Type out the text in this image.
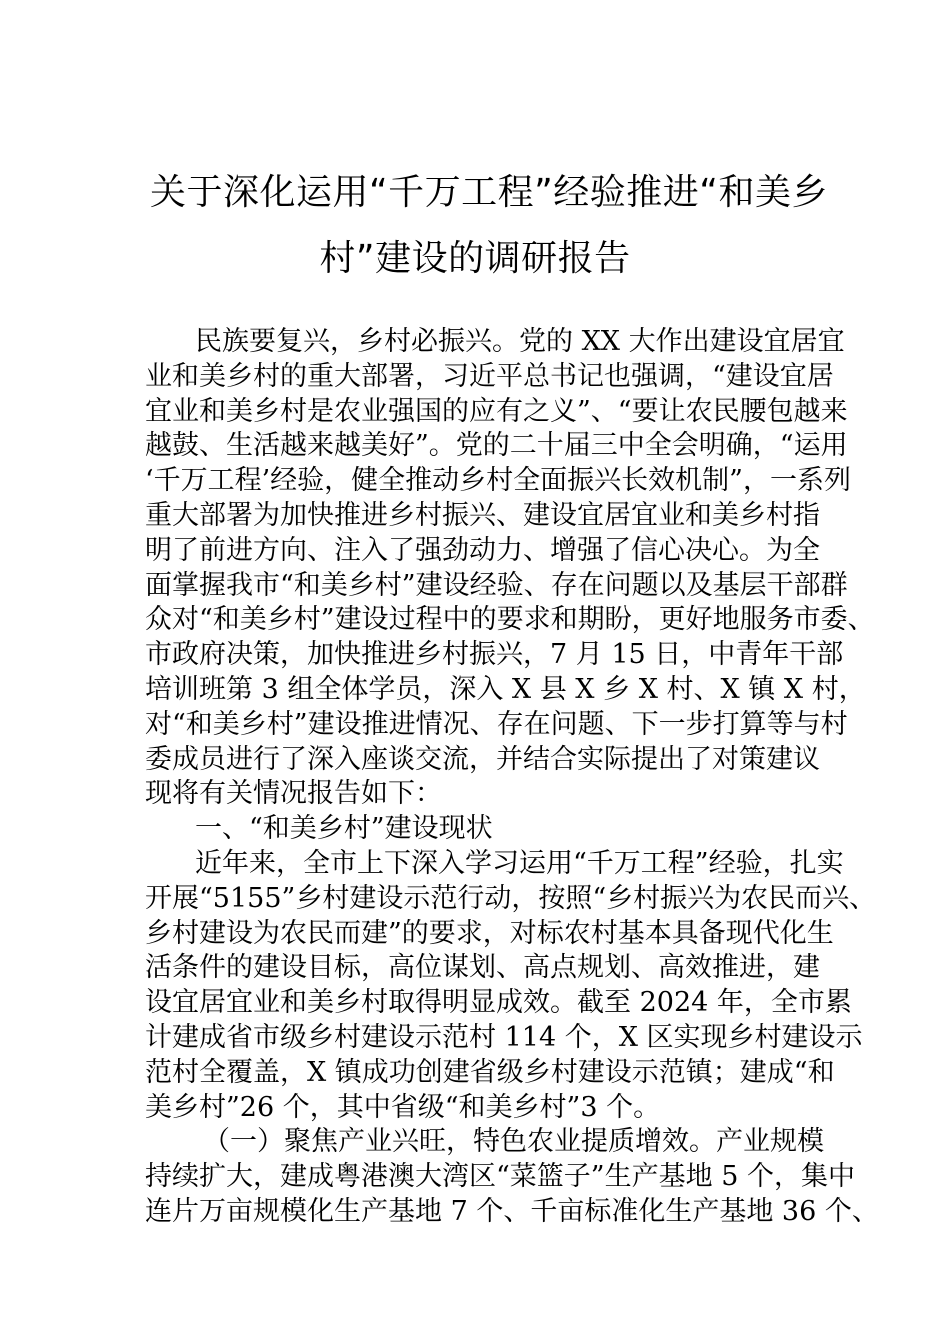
关于深化运用“千万工程”经验推进“和美乡
村”建设的调研报告
民族要复兴，乡村必振兴。党的 XX 大作出建设宜居宜
业和美乡村的重大部署，习近平总书记也强调，“建设宜居
宜业和美乡村是农业强国的应有之义”、“要让农民腰包越来
越鼓、生活越来越美好”。党的二十届三中全会明确，“运用
‘千万工程’经验，健全推动乡村全面振兴长效机制”，一系列
重大部署为加快推进乡村振兴、建设宜居宜业和美乡村指
明了前进方向、注入了强劲动力、增强了信心决心。为全
面掌握我市“和美乡村”建设经验、存在问题以及基层干部群
众对“和美乡村”建设过程中的要求和期盼，更好地服务市委、
市政府决策，加快推进乡村振兴，7 月 15 日，中青年干部
培训班第 3 组全体学员，深入 X 县 X 乡 X 村、X 镇 X 村，
对“和美乡村”建设推进情况、存在问题、下一步打算等与村
委成员进行了深入座谈交流，并结合实际提出了对策建议
现将有关情况报告如下：
一、“和美乡村”建设现状
近年来，全市上下深入学习运用“千万工程”经验，扎实
开展“5155”乡村建设示范行动，按照“乡村振兴为农民而兴、
乡村建设为农民而建”的要求，对标农村基本具备现代化生
活条件的建设目标，高位谋划、高点规划、高效推进，建
设宜居宜业和美乡村取得明显成效。截至 2024 年，全市累
计建成省市级乡村建设示范村 114 个，X 区实现乡村建设示
范村全覆盖，X 镇成功创建省级乡村建设示范镇；建成“和
美乡村”26 个，其中省级“和美乡村”3 个。
（一）聚焦产业兴旺，特色农业提质增效。产业规模
持续扩大，建成粤港澳大湾区“菜篮子”生产基地 5 个，集中
连片万亩规模化生产基地 7 个、千亩标准化生产基地 36 个、
